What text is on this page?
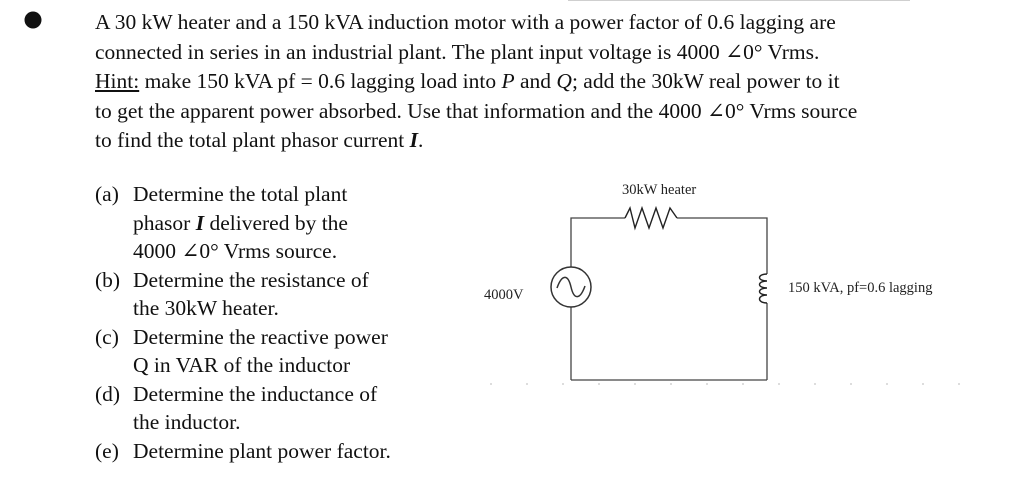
A 30 kW heater and a 150 kVA induction motor with a power factor of 0.6 lagging are
connected in series in an industrial plant. The plant input voltage is 4000 ∠0° Vrms.
Hint: make 150 kVA pf = 0.6 lagging load into P and Q; add the 30kW real power to it
to get the apparent power absorbed. Use that information and the 4000 ∠0° Vrms source
to find the total plant phasor current I.
(a) Determine the total plant
phasor I delivered by the
4000 ∠0° Vrms source.
(b) Determine the resistance of
the 30kW heater.
(c) Determine the reactive power
Q in VAR of the inductor
(d) Determine the inductance of
the inductor.
(e) Determine plant power factor.
30kW heater
4000V	150 kVA, pf=0.6 lagging
